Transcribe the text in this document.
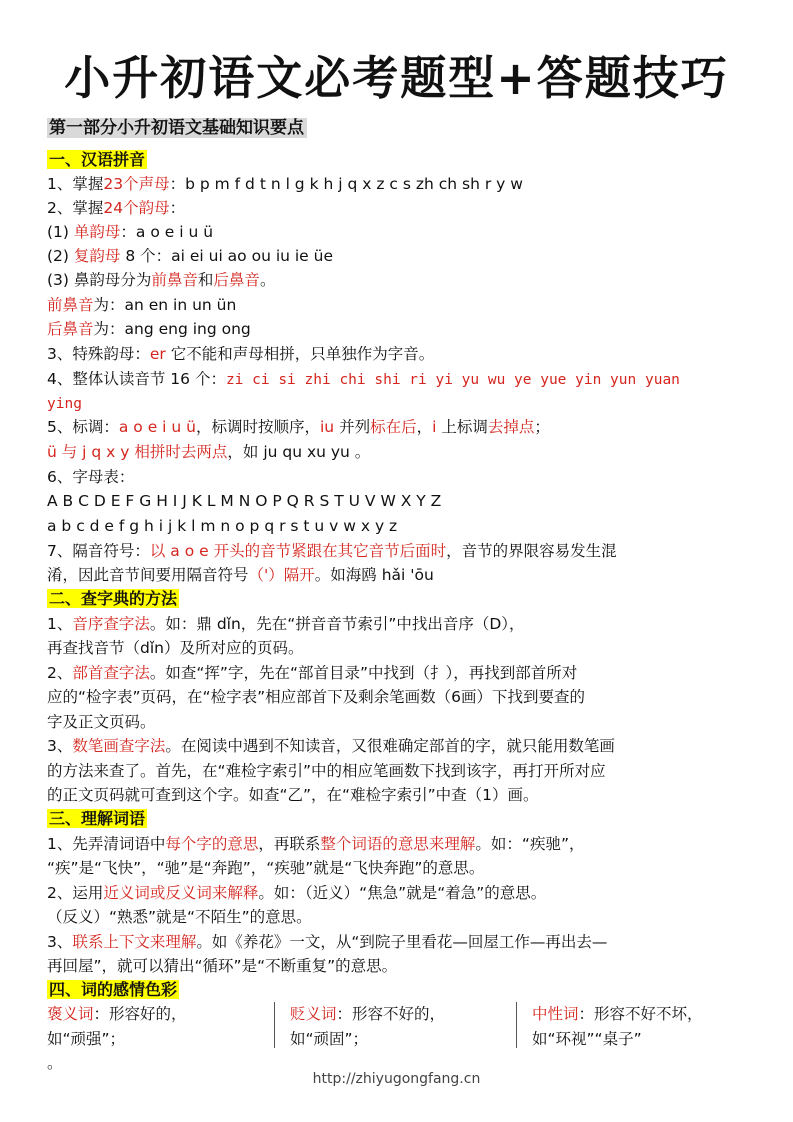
小升初语文必考题型+答题技巧
第一部分小升初语文基础知识要点
一、汉语拼音
1、掌握23个声母：b p m f d t n l g k h j q x z c s zh ch sh r y w
2、掌握24个韵母：
(1) 单韵母：a o e i u ü
(2) 复韵母 8 个：ai ei ui ao ou iu ie üe
(3) 鼻韵母分为前鼻音和后鼻音。
前鼻音为：an en in un ün
后鼻音为：ang eng ing ong
3、特殊韵母：er 它不能和声母相拼，只单独作为字音。
4、整体认读音节 16 个：zi ci si zhi chi shi ri yi yu wu ye yue yin yun yuan
ying
5、标调：a o e i u ü，标调时按顺序，iu 并列标在后，i 上标调去掉点；
ü 与 j q x y 相拼时去两点，如 ju qu xu yu 。
6、字母表：
A B C D E F G H I J K L M N O P Q R S T U V W X Y Z
a b c d e f g h i j k l m n o p q r s t u v w x y z
7、隔音符号：以 a o e 开头的音节紧跟在其它音节后面时，音节的界限容易发生混
淆，因此音节间要用隔音符号（'）隔开。如海鸥 hǎi 'ōu
二、查字典的方法
1、音序查字法。如：鼎 dǐn，先在“拼音音节索引”中找出音序（D），
再查找音节（dǐn）及所对应的页码。
2、部首查字法。如查“挥”字，先在“部首目录”中找到（扌），再找到部首所对
应的“检字表”页码，在“检字表”相应部首下及剩余笔画数（6画）下找到要查的
字及正文页码。
3、数笔画查字法。在阅读中遇到不知读音，又很难确定部首的字，就只能用数笔画
的方法来查了。首先，在“难检字索引”中的相应笔画数下找到该字，再打开所对应
的正文页码就可查到这个字。如查“乙”，在“难检字索引”中查（1）画。
三、理解词语
1、先弄清词语中每个字的意思，再联系整个词语的意思来理解。如：“疾驰”，
“疾”是“飞快”，“驰”是“奔跑”，“疾驰”就是“飞快奔跑”的意思。
2、运用近义词或反义词来解释。如：（近义）“焦急”就是“着急”的意思。
（反义）“熟悉”就是“不陌生”的意思。
3、联系上下文来理解。如《养花》一文，从“到院子里看花—回屋工作—再出去—
再回屋”，就可以猜出“循环”是“不断重复”的意思。
四、词的感情色彩
褒义词：形容好的，
如“顽强”；
贬义词：形容不好的，
如“顽固”；
中性词：形容不好不坏，
如“环视”“桌子”
。
http://zhiyugongfang.cn
